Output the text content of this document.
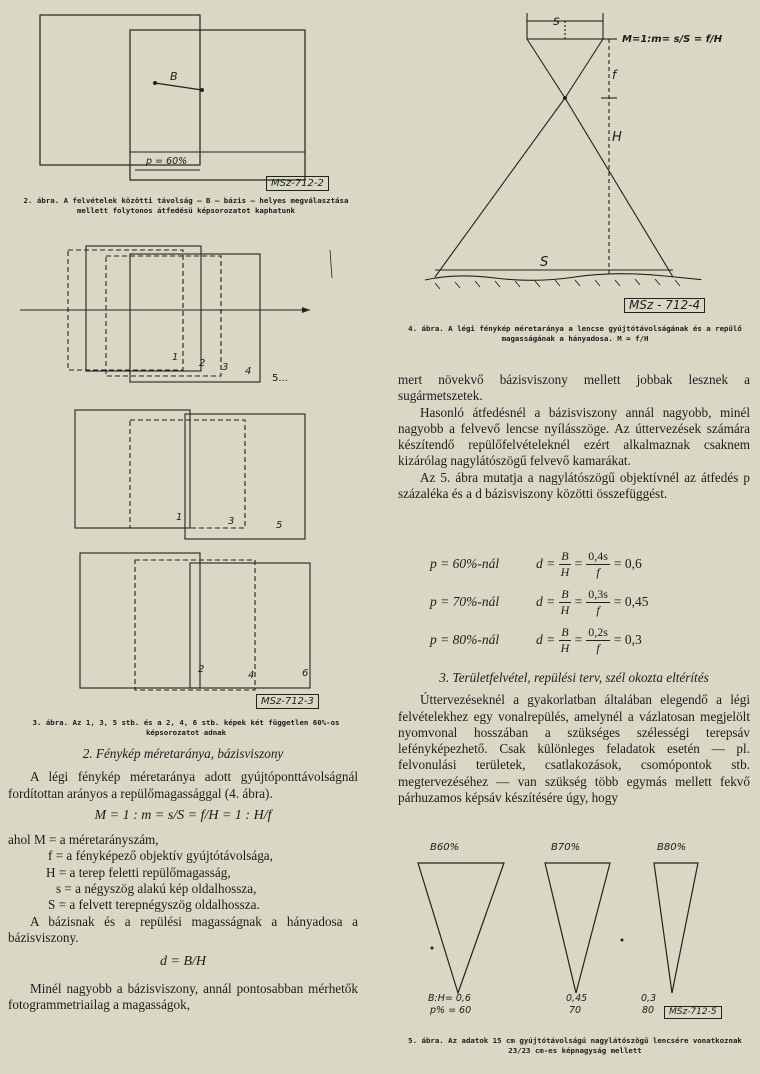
B
p = 60%
MSz-712-2
2. ábra. A felvételek közötti távolság — B — bázis — helyes megválasztása mellett folytonos átfedésü képsorozatot kaphatunk
1
2 3 4
5...
1	3	5
2
4	6
MSz-712-3
3. ábra. Az 1, 3, 5 stb. és a 2, 4, 6 stb. képek két független 60%-os képsorozatot adnak
2. Fénykép méretaránya, bázisviszony
A légi fénykép méretaránya adott gyújtóponttávolságnál fordítottan arányos a repülőmagassággal (4. ábra).
M = 1 : m = s/S = f/H = 1 : H/f
ahol M = a méretarányszám,
f = a fényképező objektív gyújtótávolsága,
H = a terep feletti repülőmagasság,
s = a négyszög alakú kép oldalhossza,
S = a felvett terepnégyszög oldalhossza.
A bázisnak és a repülési magasságnak a hányadosa a bázisviszony.
d = B/H
Minél nagyobb a bázisviszony, annál pontosabban mérhetők fotogrammetriailag a magasságok,
s
f
H
S
M=1:m= s/S = f/H
MSz - 712-4
4. ábra. A légi fénykép méretaránya a lencse gyújtótávolságának és a repülő magasságának a hányadosa. M = f/H
mert növekvő bázisviszony mellett jobbak lesznek a sugármetszetek.
Hasonló átfedésnél a bázisviszony annál nagyobb, minél nagyobb a felvevő lencse nyílásszöge. Az úttervezések számára készítendő repülőfelvételeknél ezért alkalmaznak csaknem kizárólag nagylátószögű felvevő kamarákat.
Az 5. ábra mutatja a nagylátószögű objektívnél az átfedés p százaléka és a d bázisviszony közötti összefüggést.
p = 60%-nál	$d = \frac{B}{H} = \frac{0,4s}{f} = 0,6$
p = 70%-nál	$d = \frac{B}{H} = \frac{0,3s}{f} = 0,45$
p = 80%-nál	$d = \frac{B}{H} = \frac{0,2s}{f} = 0,3$
3. Területfelvétel, repülési terv, szél okozta eltérítés
Úttervezéseknél a gyakorlatban általában elegendő a légi felvételekhez egy vonalrepülés, amelynél a vázlatosan megjelölt nyomvonal hosszában a szükséges szélességi terepsáv lefényképezhető. Csak különleges feladatok esetén — pl. felvonulási területek, csatlakozások, csomópontok stb. megtervezéséhez — van szükség több egymás mellett fekvő párhuzamos képsáv készítésére úgy, hogy
B60%	B70%	B80%
B:H= 0,6
p% = 60
0,45
70
0,3
80	MSz-712-5
5. ábra. Az adatok 15 cm gyújtótávolságú nagylátószögű lencsére vonatkoznak 23/23 cm-es képnagyság mellett
